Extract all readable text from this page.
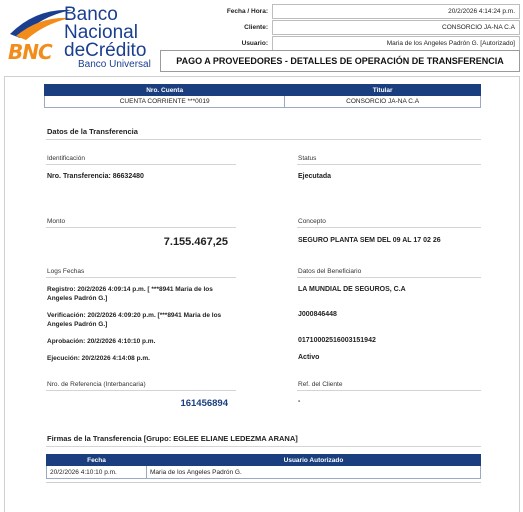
BNC
Banco
Nacional
deCrédito
Banco Universal
Fecha / Hora:	20/2/2026 4:14:24 p.m.
Cliente:	CONSORCIO JA-NA C.A
Usuario:	Maria de los Angeles Padrón G. [Autorizado]
PAGO A PROVEEDORES - DETALLES DE OPERACIÓN DE TRANSFERENCIA
Nro. Cuenta	Titular
CUENTA CORRIENTE ***0019	CONSORCIO JA-NA C.A
Datos de la Transferencia
Identificación
Nro. Transferencia: 86632480
Status
Ejecutada
Monto
7.155.467,25
Concepto
SEGURO PLANTA SEM DEL 09 AL 17 02 26
Logs Fechas
Registro: 20/2/2026 4:09:14 p.m. [ ***8941 Maria de los Angeles Padrón G.]
Verificación: 20/2/2026 4:09:20 p.m. [***8941 Maria de los Angeles Padrón G.]
Aprobación: 20/2/2026 4:10:10 p.m.
Ejecución: 20/2/2026 4:14:08 p.m.
Datos del Beneficiario
LA MUNDIAL DE SEGUROS, C.A
J000846448
01710002516003151942
Activo
Nro. de Referencia (Interbancaria)
161456894
Ref. del Cliente
-
Firmas de la Transferencia [Grupo: EGLEE ELIANE LEDEZMA ARANA]
Fecha	Usuario Autorizado
20/2/2026 4:10:10 p.m.	Maria de los Angeles Padrón G.
